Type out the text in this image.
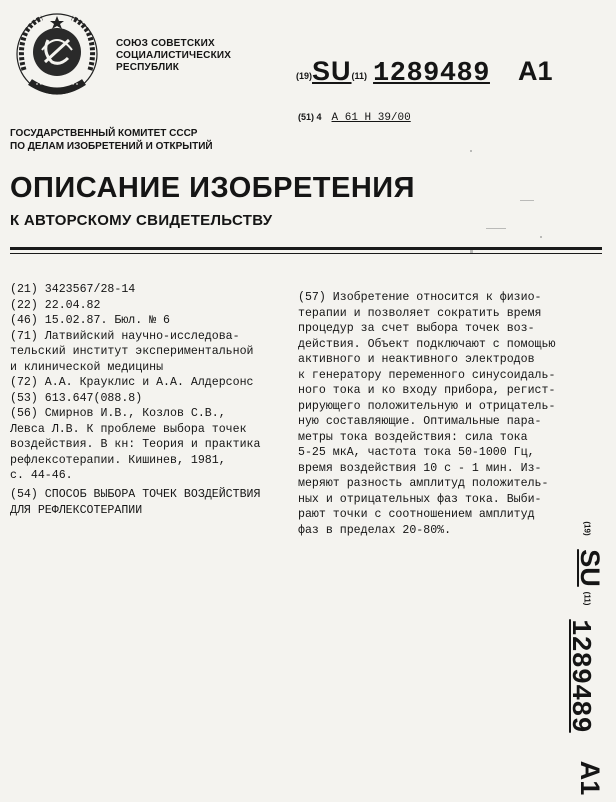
СОЮЗ СОВЕТСКИХ
СОЦИАЛИСТИЧЕСКИХ
РЕСПУБЛИК
(19)SU(11) 1289489 A1
(51) 4 A 61 H 39/00
ГОСУДАРСТВЕННЫЙ КОМИТЕТ СССР
ПО ДЕЛАМ ИЗОБРЕТЕНИЙ И ОТКРЫТИЙ
ОПИСАНИЕ ИЗОБРЕТЕНИЯ
К АВТОРСКОМУ СВИДЕТЕЛЬСТВУ
(21) 3423567/28-14
(22) 22.04.82
(46) 15.02.87. Бюл. № 6
(71) Латвийский научно-исследова-
тельский институт экспериментальной
и клинической медицины
(72) А.А. Крауклис и А.А. Алдерсонс
(53) 613.647(088.8)
(56) Смирнов И.В., Козлов С.В.,
Левса Л.В. К проблеме выбора точек
воздействия. В кн: Теория и практика
рефлексотерапии. Кишинев, 1981,
с. 44-46.
(54) СПОСОБ ВЫБОРА ТОЧЕК ВОЗДЕЙСТВИЯ
ДЛЯ РЕФЛЕКСОТЕРАПИИ
(57) Изобретение относится к физио-
терапии и позволяет сократить время
процедур за счет выбора точек воз-
действия. Объект подключают с помощью
активного и неактивного электродов
к генератору переменного синусоидаль-
ного тока и ко входу прибора, регист-
рирующего положительную и отрицатель-
ную составляющие. Оптимальные пара-
метры тока воздействия: сила тока
5-25 мкА, частота тока 50-1000 Гц,
время воздействия 10 с - 1 мин. Из-
меряют разность амплитуд положитель-
ных и отрицательных фаз тока. Выби-
рают точки с соотношением амплитуд
фаз в пределах 20-80%.	(19)
SU
(11)
1289489
A1
